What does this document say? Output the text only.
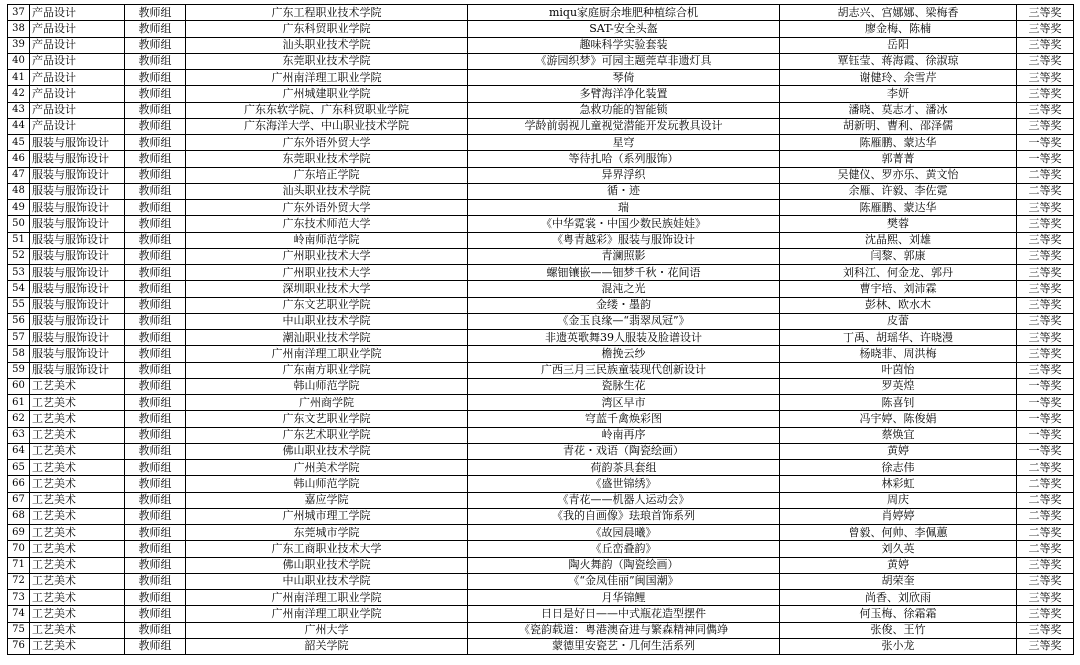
37	产品设计	教师组	广东工程职业技术学院	miqu家庭厨余堆肥种植综合机	胡志兴、宫娜娜、梁梅香	三等奖
38	产品设计	教师组	广东科贸职业学院	SAT-安全头盔	廖金梅、陈楠	三等奖
39	产品设计	教师组	汕头职业技术学院	趣味科学实验套装	岳阳	三等奖
40	产品设计	教师组	东莞职业技术学院	《游园织梦》可园主题莞草非遗灯具	覃钰莹、蒋海霞、徐淑琼	三等奖
41	产品设计	教师组	广州南洋理工职业学院	琴倚	谢健玲、余雪芹	三等奖
42	产品设计	教师组	广州城建职业学院	多臂海洋净化装置	李妍	三等奖
43	产品设计	教师组	广东东软学院、广东科贸职业学院	急救功能的智能锁	潘晓、莫志才、潘冰	三等奖
44	产品设计	教师组	广东海洋大学、中山职业技术学院	学龄前弱视儿童视觉潜能开发玩教具设计	胡新明、曹利、邵泽儒	三等奖
45	服装与服饰设计	教师组	广东外语外贸大学	星穹	陈雁鹏、蒙达华	一等奖
46	服装与服饰设计	教师组	东莞职业技术学院	等待扎哈（系列服饰）	郭菁菁	一等奖
47	服装与服饰设计	教师组	广东培正学院	异界浮织	吴健仪、罗亦乐、黄文怡	二等奖
48	服装与服饰设计	教师组	汕头职业技术学院	循・迹	余雁、许毅、李佐霓	二等奖
49	服装与服饰设计	教师组	广东外语外贸大学	瑞	陈雁鹏、蒙达华	三等奖
50	服装与服饰设计	教师组	广东技术师范大学	《中华霓裳・中国少数民族娃娃》	樊蓉	三等奖
51	服装与服饰设计	教师组	岭南师范学院	《粤青越彩》服装与服饰设计	沈晶熙、刘雄	三等奖
52	服装与服饰设计	教师组	广州职业技术大学	青澜照影	闫黎、郭康	三等奖
53	服装与服饰设计	教师组	广州职业技术大学	螺钿镶嵌——钿梦千秋・花间语	刘科江、何金龙、郭丹	三等奖
54	服装与服饰设计	教师组	深圳职业技术大学	混沌之光	曹宇培、刘沛霖	三等奖
55	服装与服饰设计	教师组	广东文艺职业学院	金缕・墨韵	彭林、欧水木	三等奖
56	服装与服饰设计	教师组	中山职业技术学院	《金玉良缘—“翡翠凤冠”》	皮蕾	三等奖
57	服装与服饰设计	教师组	潮汕职业技术学院	非遗英歌舞39人服装及脸谱设计	丁禹、胡瑶华、许晓漫	三等奖
58	服装与服饰设计	教师组	广州南洋理工职业学院	檐挽云纱	杨晓菲、周洪梅	三等奖
59	服装与服饰设计	教师组	广东南方职业学院	广西三月三民族童装现代创新设计	叶茵怡	三等奖
60	工艺美术	教师组	韩山师范学院	瓷脉生花	罗英煌	一等奖
61	工艺美术	教师组	广州商学院	湾区早市	陈喜钊	一等奖
62	工艺美术	教师组	广东文艺职业学院	穹蓝千禽焕彩图	冯宇婷、陈俊娟	一等奖
63	工艺美术	教师组	广东艺术职业学院	岭南再序	蔡焕宜	一等奖
64	工艺美术	教师组	佛山职业技术学院	青花・戏语（陶瓷绘画）	黄婷	一等奖
65	工艺美术	教师组	广州美术学院	荷韵茶具套组	徐志伟	二等奖
66	工艺美术	教师组	韩山师范学院	《盛世锦绣》	林彩虹	二等奖
67	工艺美术	教师组	嘉应学院	《青花——机器人运动会》	周庆	二等奖
68	工艺美术	教师组	广州城市理工学院	《我的自画像》珐琅首饰系列	肖婷婷	二等奖
69	工艺美术	教师组	东莞城市学院	《故园晨曦》	曾毅、何帅、李佩蕙	二等奖
70	工艺美术	教师组	广东工商职业技术大学	《丘峦叠韵》	刘久英	二等奖
71	工艺美术	教师组	佛山职业技术学院	陶火舞韵（陶瓷绘画）	黄婷	三等奖
72	工艺美术	教师组	中山职业技术学院	《“金凤佳丽”闽国潮》	胡荣奎	三等奖
73	工艺美术	教师组	广州南洋理工职业学院	月华锦鲤	尚香、刘欣雨	三等奖
74	工艺美术	教师组	广州南洋理工职业学院	日日是好日——中式瓶花造型摆件	何玉梅、徐霜霜	三等奖
75	工艺美术	教师组	广州大学	《瓷韵载道：粤港澳奋进与繁森精神同儁竫	张俊、王竹	三等奖
76	工艺美术	教师组	韶关学院	蒙德里安瓷艺・几何生活系列	张小龙	三等奖
